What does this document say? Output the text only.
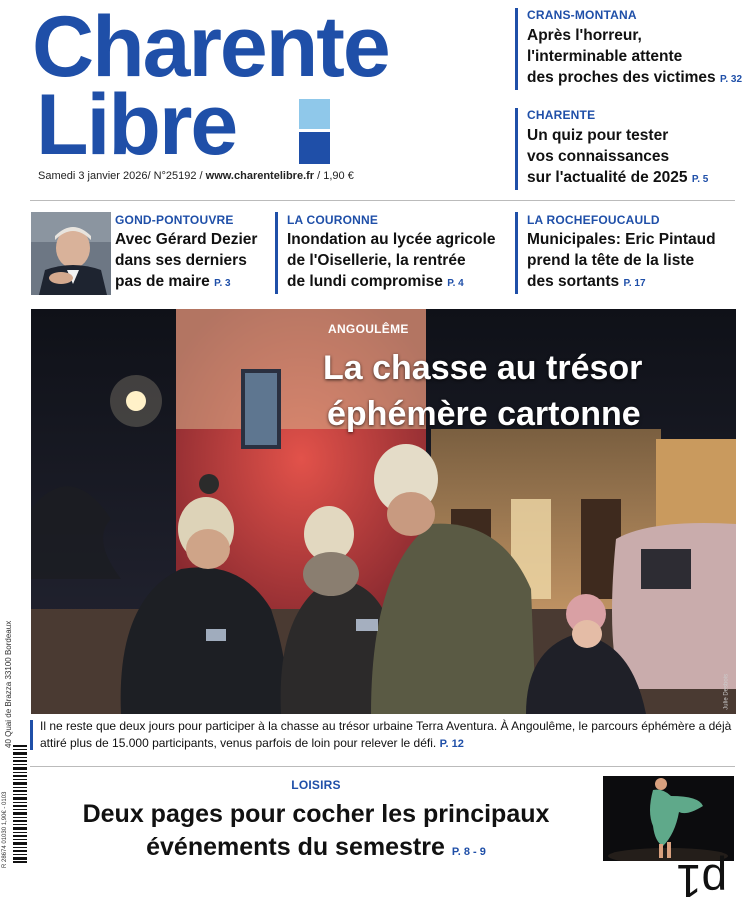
Charente
Libre
Samedi 3 janvier 2026/ N°25192 / www.charentelibre.fr / 1,90 €
CRANS-MONTANA
Après l'horreur,
l'interminable attente
des proches des victimes P. 32
CHARENTE
Un quiz pour tester
vos connaissances
sur l'actualité de 2025 P. 5
GOND-PONTOUVRE
Avec Gérard Dezier
dans ses derniers
pas de maire P. 3
LA COURONNE
Inondation au lycée agricole
de l'Oisellerie, la rentrée
de lundi compromise P. 4
LA ROCHEFOUCAULD
Municipales: Eric Pintaud
prend la tête de la liste
des sortants P. 17
ANGOULÊME
La chasse au trésor
éphémère cartonne
Julie Desbois
Il ne reste que deux jours pour participer à la chasse au trésor urbaine Terra Aventura. À Angoulême, le parcours éphémère a déjà attiré plus de 15.000 participants, venus parfois de loin pour relever le défi. P. 12
LOISIRS
Deux pages pour cocher les principaux
événements du semestre P. 8 - 9
40 Quai de Brazza 33100 Bordeaux
R 28674 01030 1,90€ - 0103
p1
